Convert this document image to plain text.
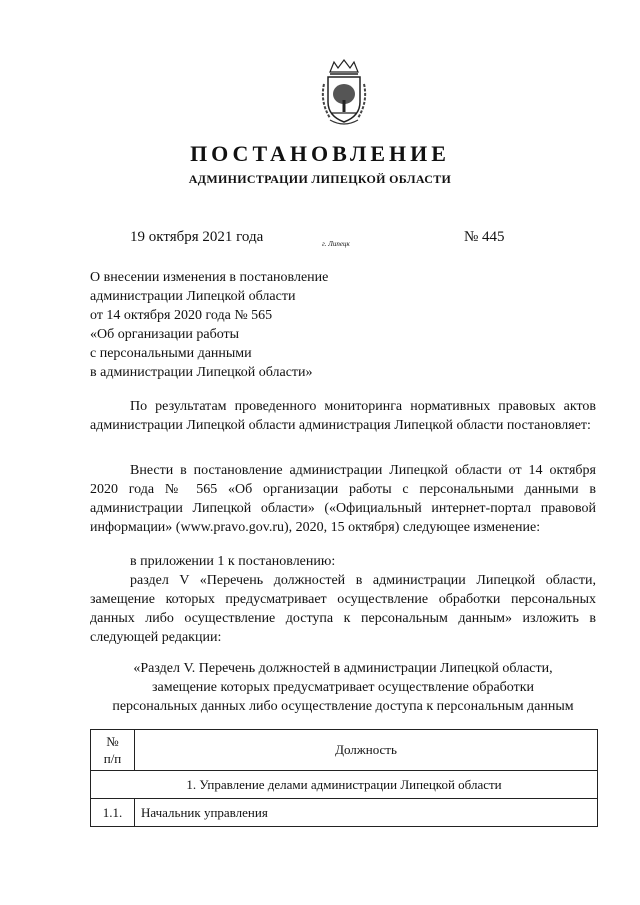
ПОСТАНОВЛЕНИЕ
АДМИНИСТРАЦИИ ЛИПЕЦКОЙ ОБЛАСТИ
19 октября 2021 года	г. Липецк	№ 445
О внесении изменения в постановление
администрации Липецкой области
от 14 октября 2020 года № 565
«Об организации работы
с персональными данными
в администрации Липецкой области»

По результатам проведенного мониторинга нормативных правовых актов администрации Липецкой области администрация Липецкой области постановляет:

Внести в постановление администрации Липецкой области от 14 октября 2020 года № 565 «Об организации работы с персональными данными в администрации Липецкой области» («Официальный интернет-портал правовой информации» (www.pravo.gov.ru), 2020, 15 октября) следующее изменение:

в приложении 1 к постановлению:

раздел V «Перечень должностей в администрации Липецкой области, замещение которых предусматривает осуществление обработки персональных данных либо осуществление доступа к персональным данным» изложить в следующей редакции:

«Раздел V. Перечень должностей в администрации Липецкой области,
замещение которых предусматривает осуществление обработки
персональных данных либо осуществление доступа к персональным данным
№
п/п	Должность
1. Управление делами администрации Липецкой области	
1.1.	Начальник управления
